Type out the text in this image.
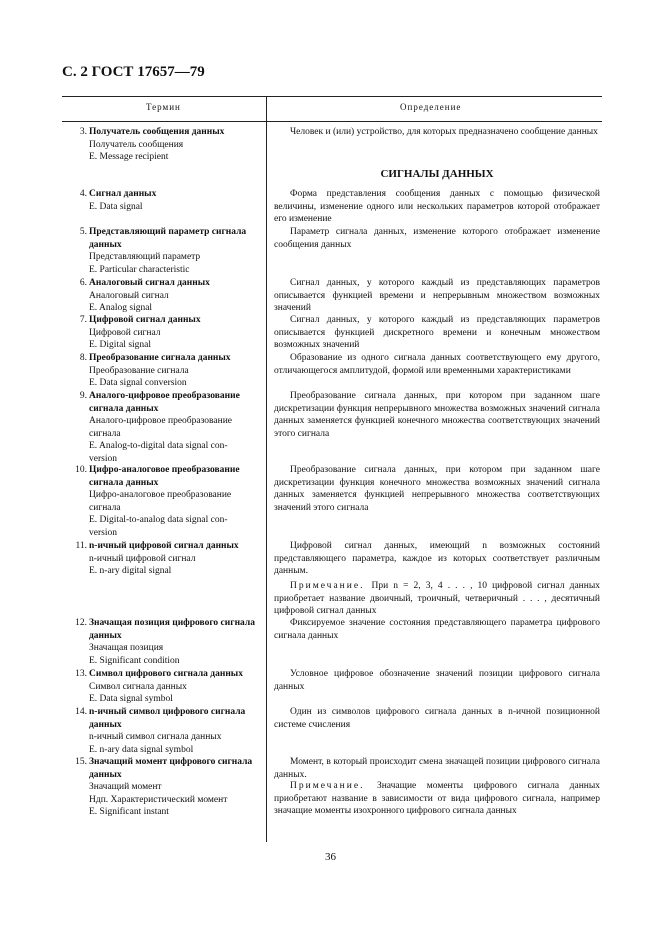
С. 2 ГОСТ 17657—79
Термин	Определение
СИГНАЛЫ ДАННЫХ
3. Получатель сообщения данных
Получатель сообщения
E. Message recipient

Человек и (или) устройство, для которых предназначено сообщение данных

4. Сигнал данных
E. Data signal

Форма представления сообщения данных с помощью физической величины, изменение одного или нескольких параметров которой отображает его изменение

5. Представляющий параметр сигнала
данных
Представляющий параметр
E. Particular characteristic

Параметр сигнала данных, изменение которого отображает изменение сообщения данных

6. Аналоговый сигнал данных
Аналоговый сигнал
E. Analog signal

Сигнал данных, у которого каждый из представляющих параметров описывается функцией времени и непрерывным множеством возможных значений

7. Цифровой сигнал данных
Цифровой сигнал
E. Digital signal

Сигнал данных, у которого каждый из представляющих параметров описывается функцией дискретного времени и конечным множеством возможных значений

8. Преобразование сигнала данных
Преобразование сигнала
E. Data signal conversion

Образование из одного сигнала данных соответствующего ему другого, отличающегося амплитудой, формой или временными характеристиками

9. Аналого-цифровое преобразование
сигнала данных
Аналого-цифровое преобразование
сигнала
E. Analog-to-digital data signal con-
version

Преобразование сигнала данных, при котором при заданном шаге дискретизации функция непрерывного множества возможных значений сигнала данных заменяется функцией конечного множества соответствующих значений этого сигнала

10. Цифро-аналоговое преобразование
сигнала данных
Цифро-аналоговое преобразование
сигнала
E. Digital-to-analog data signal con-
version

Преобразование сигнала данных, при котором при заданном шаге дискретизации функция конечного множества возможных значений сигнала данных заменяется функцией непрерывного множества соответствующих значений этого сигнала

11. n-ичный цифровой сигнал данных
n-ичный цифровой сигнал
E. n-ary digital signal

Цифровой сигнал данных, имеющий n возможных состояний представляющего параметра, каждое из которых соответствует различным данным.

Примечание. При n = 2, 3, 4 . . . , 10 цифровой сигнал данных приобретает название двоичный, троичный, четверичный . . . , десятичный цифровой сигнал данных

12. Значащая позиция цифрового сигнала
данных
Значащая позиция
E. Significant condition

Фиксируемое значение состояния представляющего параметра цифрового сигнала данных

13. Символ цифрового сигнала данных
Символ сигнала данных
E. Data signal symbol

Условное цифровое обозначение значений позиции цифрового сигнала данных

14. n-ичный символ цифрового сигнала
данных
n-ичный символ сигнала данных
E. n-ary data signal symbol

Один из символов цифрового сигнала данных в n-ичной позиционной системе счисления

15. Значащий момент цифрового сигнала
данных
Значащий момент
Ндп. Характеристический момент
E. Significant instant

Момент, в который происходит смена значащей позиции цифрового сигнала данных.

Примечание. Значащие моменты цифрового сигнала данных приобретают название в зависимости от вида цифрового сигнала, например значащие моменты изохронного цифрового сигнала данных

36
